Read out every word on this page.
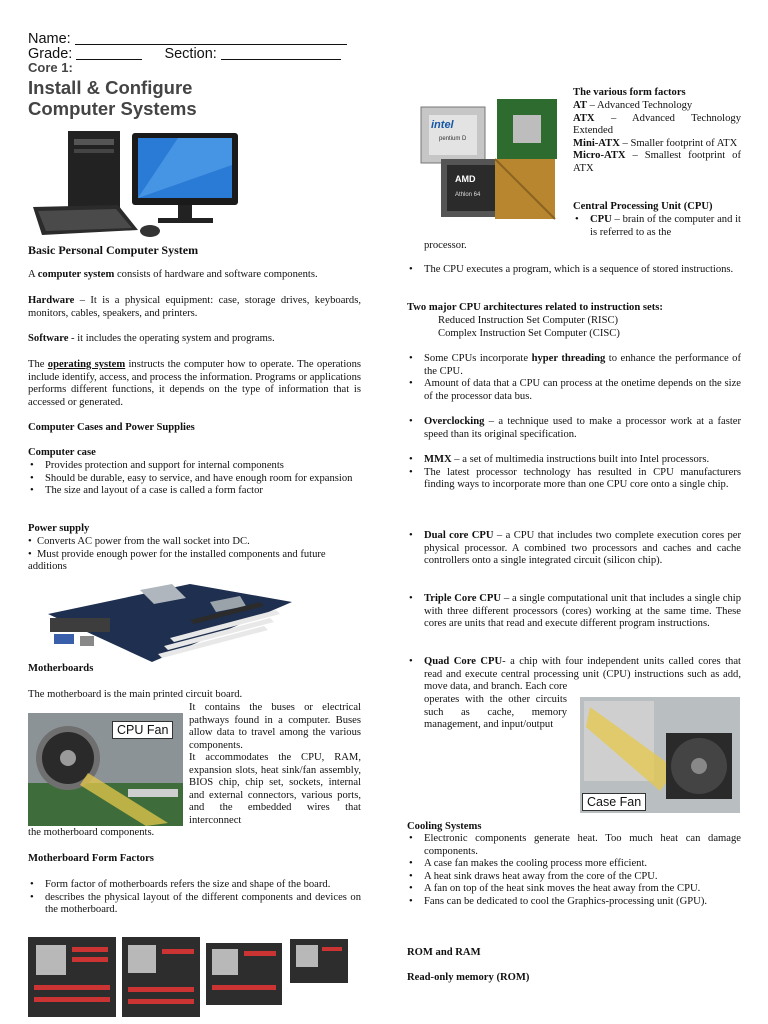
Name:
Grade:	Section:
Core 1:
Install & Configure
Computer Systems
CPU Fan
Basic Personal Computer System
A computer system consists of hardware and software components.
Hardware – It is a physical equipment: case, storage drives, keyboards, monitors, cables, speakers, and printers.
Software - it includes the operating system and programs.
The operating system instructs the computer how to operate. The operations include identify, access, and process the information. Programs or applications performs different functions, it depends on the type of information that is accessed or generated.
Computer Cases and Power Supplies
Computer case
• Provides protection and support for internal components
• Should be durable, easy to service, and have enough room for expansion
• The size and layout of a case is called a form factor
Power supply
•  Converts AC power from the wall socket into DC.
•  Must provide enough power for the installed components and future additions
Motherboards
The motherboard is the main printed circuit board.
It contains the buses or electrical pathways found in a computer. Buses allow data to travel among the various components.
It accommodates the CPU, RAM, expansion slots, heat sink/fan assembly, BIOS chip, chip set, sockets, internal and external connectors, various ports, and the embedded wires that interconnect
the motherboard components.
Motherboard Form Factors
• Form factor of motherboards refers the size and shape of the board.
• describes the physical layout of the different components and devices on the motherboard.
intel
pentium D
AMD
Athlon 64
Case Fan
The various form factors
AT – Advanced Technology
ATX – Advanced Technology Extended
Mini-ATX – Smaller footprint of ATX
Micro-ATX – Smallest footprint of ATX
Central Processing Unit (CPU)
• CPU – brain of the computer and it is referred to as the
processor.
• The CPU executes a program, which is a sequence of stored instructions.
Two major CPU architectures related to instruction sets:
Reduced Instruction Set Computer (RISC)
Complex Instruction Set Computer (CISC)
• Some CPUs incorporate hyper threading to enhance the performance of the CPU.
• Amount of data that a CPU can process at the onetime depends on the size of the processor data bus.
• Overclocking – a technique used to make a processor work at a faster speed than its original specification.
• MMX – a set of multimedia instructions built into Intel processors.
• The latest processor technology has resulted in CPU manufacturers finding ways to incorporate more than one CPU core onto a single chip.
• Dual core CPU – a CPU that includes two complete execution cores per physical processor. A combined two processors and caches and cache controllers onto a single integrated circuit (silicon chip).
• Triple Core CPU – a single computational unit that includes a single chip with three different processors (cores) working at the same time. These cores are units that read and execute different program instructions.
• Quad Core CPU- a chip with four independent units called cores that read and execute central processing unit (CPU) instructions such as add, move data, and branch. Each core
operates with the other circuits such as cache, memory management, and input/output
Cooling Systems
• Electronic components generate heat. Too much heat can damage components.
• A case fan makes the cooling process more efficient.
• A heat sink draws heat away from the core of the CPU.
• A fan on top of the heat sink moves the heat away from the CPU.
• Fans can be dedicated to cool the Graphics-processing unit (GPU).
ROM and RAM
Read-only memory (ROM)
